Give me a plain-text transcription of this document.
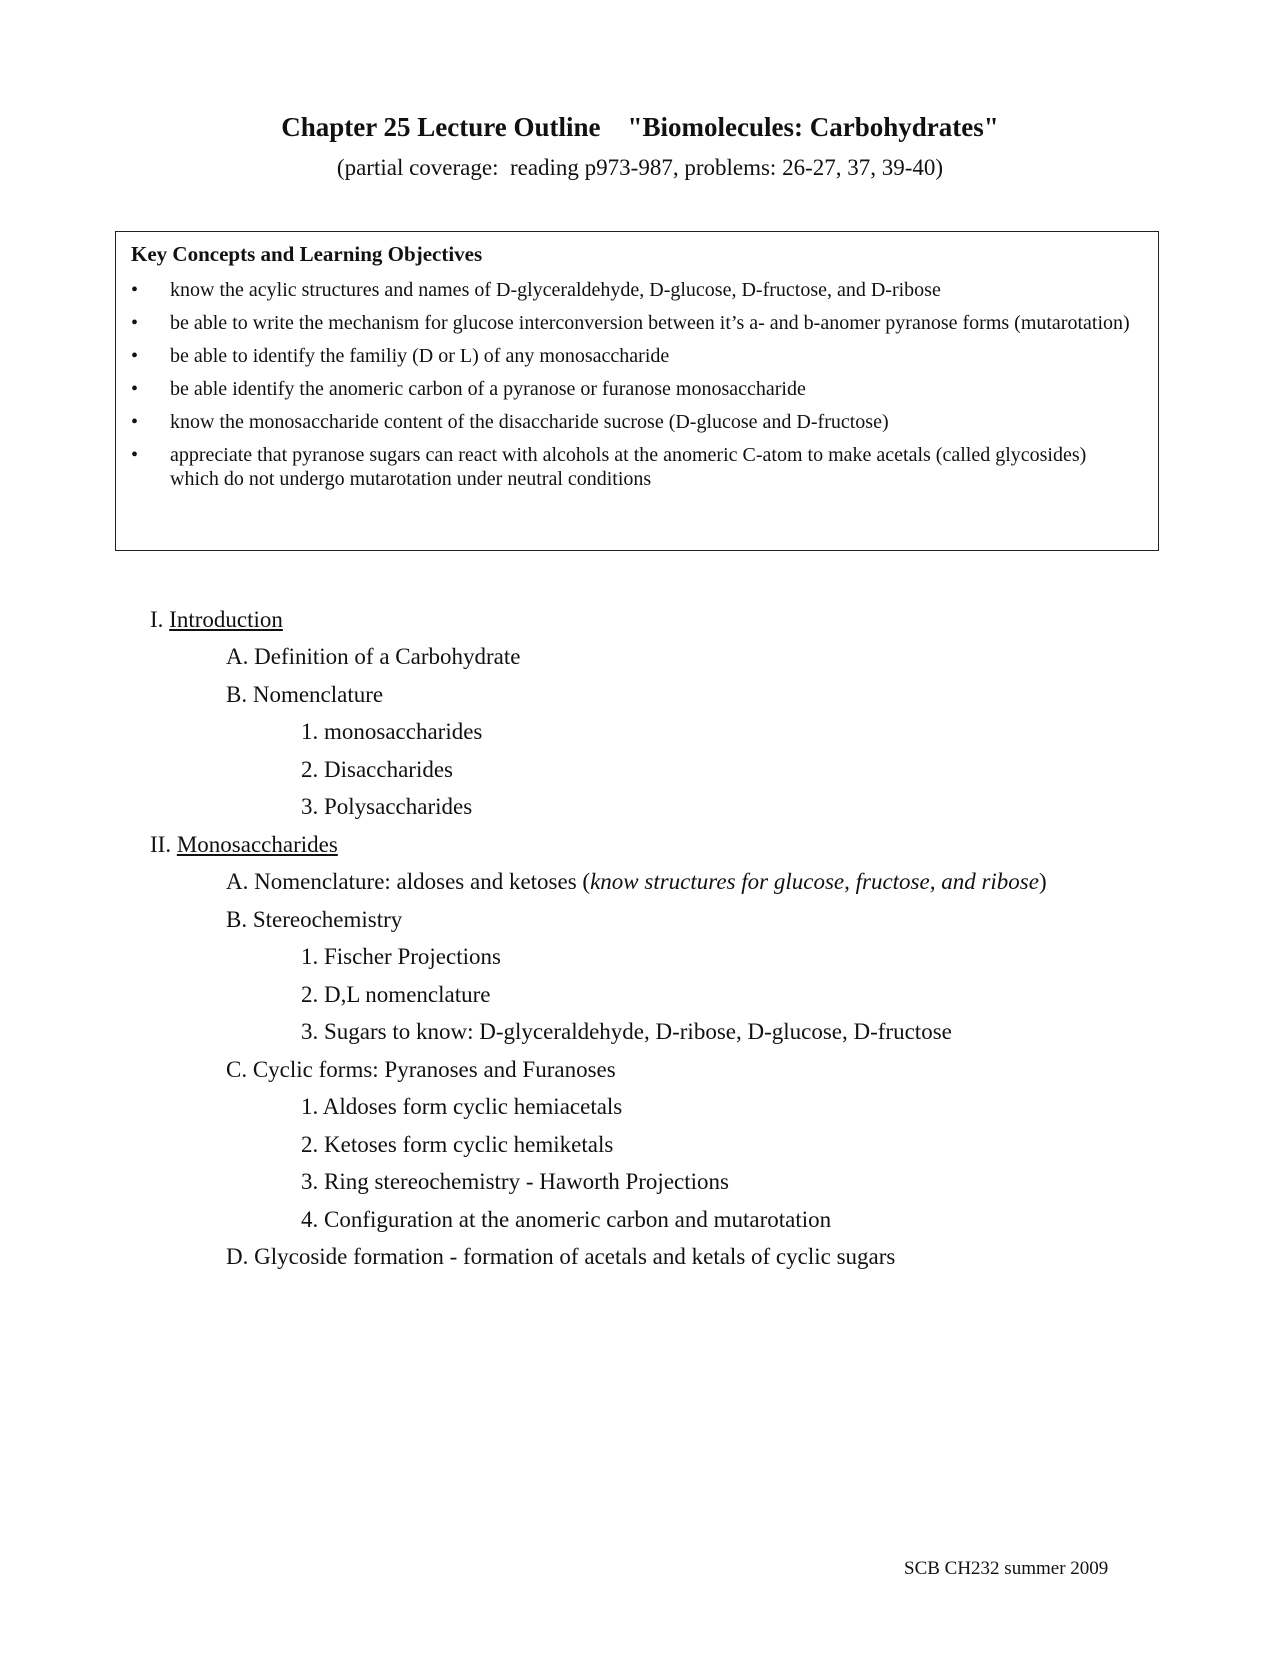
Chapter 25 Lecture Outline    "Biomolecules: Carbohydrates"
(partial coverage:  reading p973-987, problems: 26-27, 37, 39-40)
Key Concepts and Learning Objectives
• know the acylic structures and names of D-glyceraldehyde, D-glucose, D-fructose, and D-ribose
• be able to write the mechanism for glucose interconversion between it’s a- and b-anomer pyranose forms (mutarotation)
• be able to identify the familiy (D or L) of any monosaccharide
• be able identify the anomeric carbon of a pyranose or furanose monosaccharide
• know the monosaccharide content of the disaccharide sucrose (D-glucose and D-fructose)
• appreciate that pyranose sugars can react with alcohols at the anomeric C-atom to make acetals (called glycosides) which do not undergo mutarotation under neutral conditions
I. Introduction
A. Definition of a Carbohydrate
B. Nomenclature
1. monosaccharides
2. Disaccharides
3. Polysaccharides
II. Monosaccharides
A. Nomenclature: aldoses and ketoses (know structures for glucose, fructose, and ribose)
B. Stereochemistry
1. Fischer Projections
2. D,L nomenclature
3. Sugars to know: D-glyceraldehyde, D-ribose, D-glucose, D-fructose
C. Cyclic forms: Pyranoses and Furanoses
1. Aldoses form cyclic hemiacetals
2. Ketoses form cyclic hemiketals
3. Ring stereochemistry - Haworth Projections
4. Configuration at the anomeric carbon and mutarotation
D. Glycoside formation - formation of acetals and ketals of cyclic sugars
SCB CH232 summer 2009
